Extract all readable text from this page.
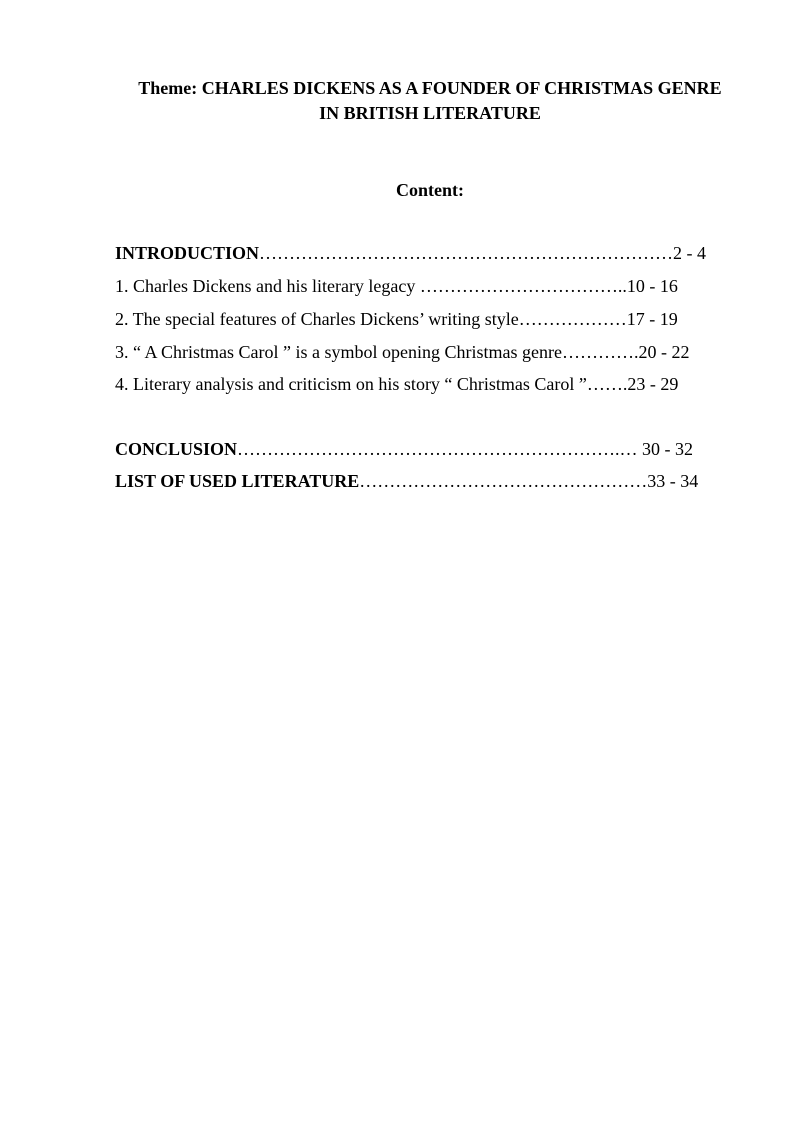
Theme: CHARLES DICKENS AS A FOUNDER OF CHRISTMAS GENRE
IN BRITISH LITERATURE
Content:
INTRODUCTION……………………………………………………………2 - 4
1. Charles Dickens and his literary legacy ……………………………..10 - 16
2. The special features of Charles Dickens’ writing style………………17 - 19
3. “ A Christmas Carol ” is a symbol opening Christmas genre………….20 - 22
4. Literary analysis and criticism on his story “ Christmas Carol ”…….23 - 29
CONCLUSION……………………………………………………….… 30 - 32
LIST OF USED LITERATURE…………………………………………33 - 34
